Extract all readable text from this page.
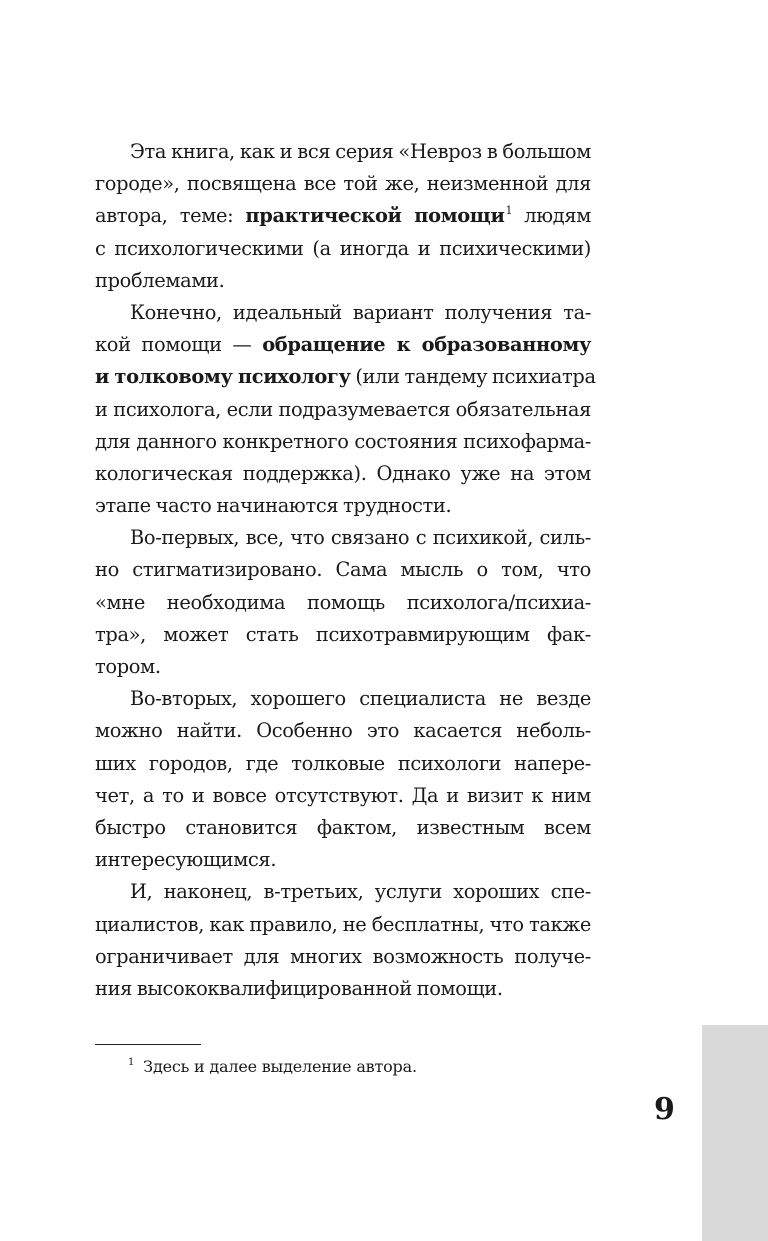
Эта книга, как и вся серия «Невроз в большом
городе», посвящена все той же, неизменной для
автора, теме: практической помощи$^1$ людям
с психологическими (а иногда и психическими)
проблемами.
Конечно, идеальный вариант получения та-
кой помощи — обращение к образованному
и толковому психологу (или тандему психиатра
и психолога, если подразумевается обязательная
для данного конкретного состояния психофарма-
кологическая поддержка). Однако уже на этом
этапе часто начинаются трудности.
Во-первых, все, что связано с психикой, силь-
но стигматизировано. Сама мысль о том, что
«мне необходима помощь психолога/психиа-
тра», может стать психотравмирующим фак-
тором.
Во-вторых, хорошего специалиста не везде
можно найти. Особенно это касается неболь-
ших городов, где толковые психологи напере-
чет, а то и вовсе отсутствуют. Да и визит к ним
быстро становится фактом, известным всем
интересующимся.
И, наконец, в-третьих, услуги хороших спе-
циалистов, как правило, не бесплатны, что также
ограничивает для многих возможность получе-
ния высококвалифицированной помощи.
$^1$ Здесь и далее выделение автора.
9
